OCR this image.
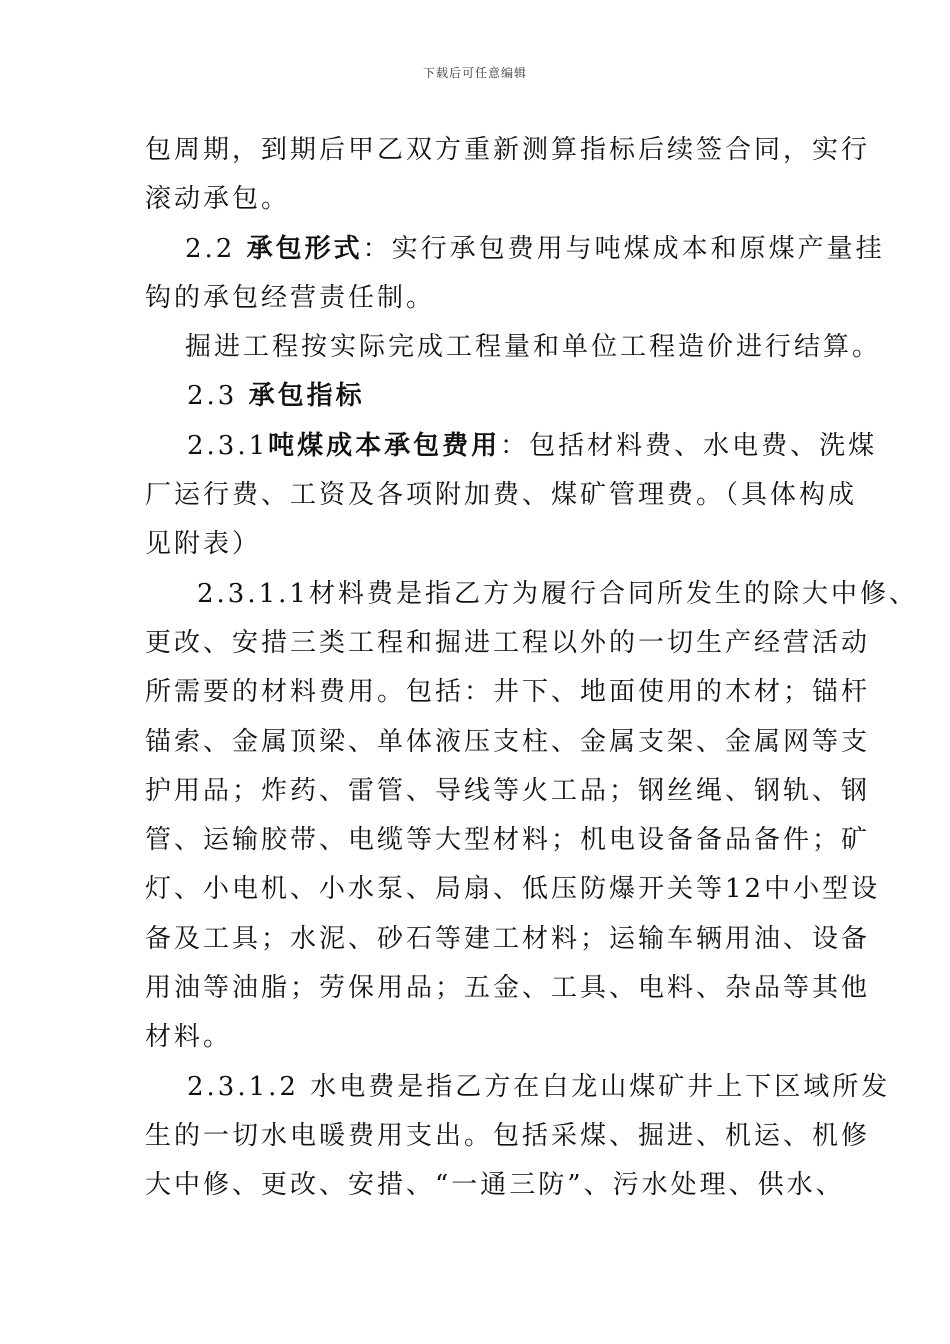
下载后可任意编辑

包周期，到期后甲乙双方重新测算指标后续签合同，实行

滚动承包。

2.2 承包形式：实行承包费用与吨煤成本和原煤产量挂

钩的承包经营责任制。

掘进工程按实际完成工程量和单位工程造价进行结算。

2.3 承包指标

2.3.1吨煤成本承包费用：包括材料费、水电费、洗煤

厂运行费、工资及各项附加费、煤矿管理费。（具体构成

见附表）

2.3.1.1材料费是指乙方为履行合同所发生的除大中修、

更改、安措三类工程和掘进工程以外的一切生产经营活动

所需要的材料费用。包括：井下、地面使用的木材；锚杆

锚索、金属顶梁、单体液压支柱、金属支架、金属网等支

护用品；炸药、雷管、导线等火工品；钢丝绳、钢轨、钢

管、运输胶带、电缆等大型材料；机电设备备品备件；矿

灯、小电机、小水泵、局扇、低压防爆开关等12中小型设

备及工具；水泥、砂石等建工材料；运输车辆用油、设备

用油等油脂；劳保用品；五金、工具、电料、杂品等其他

材料。

2.3.1.2 水电费是指乙方在白龙山煤矿井上下区域所发

生的一切水电暖费用支出。包括采煤、掘进、机运、机修

大中修、更改、安措、“一通三防”、污水处理、供水、
